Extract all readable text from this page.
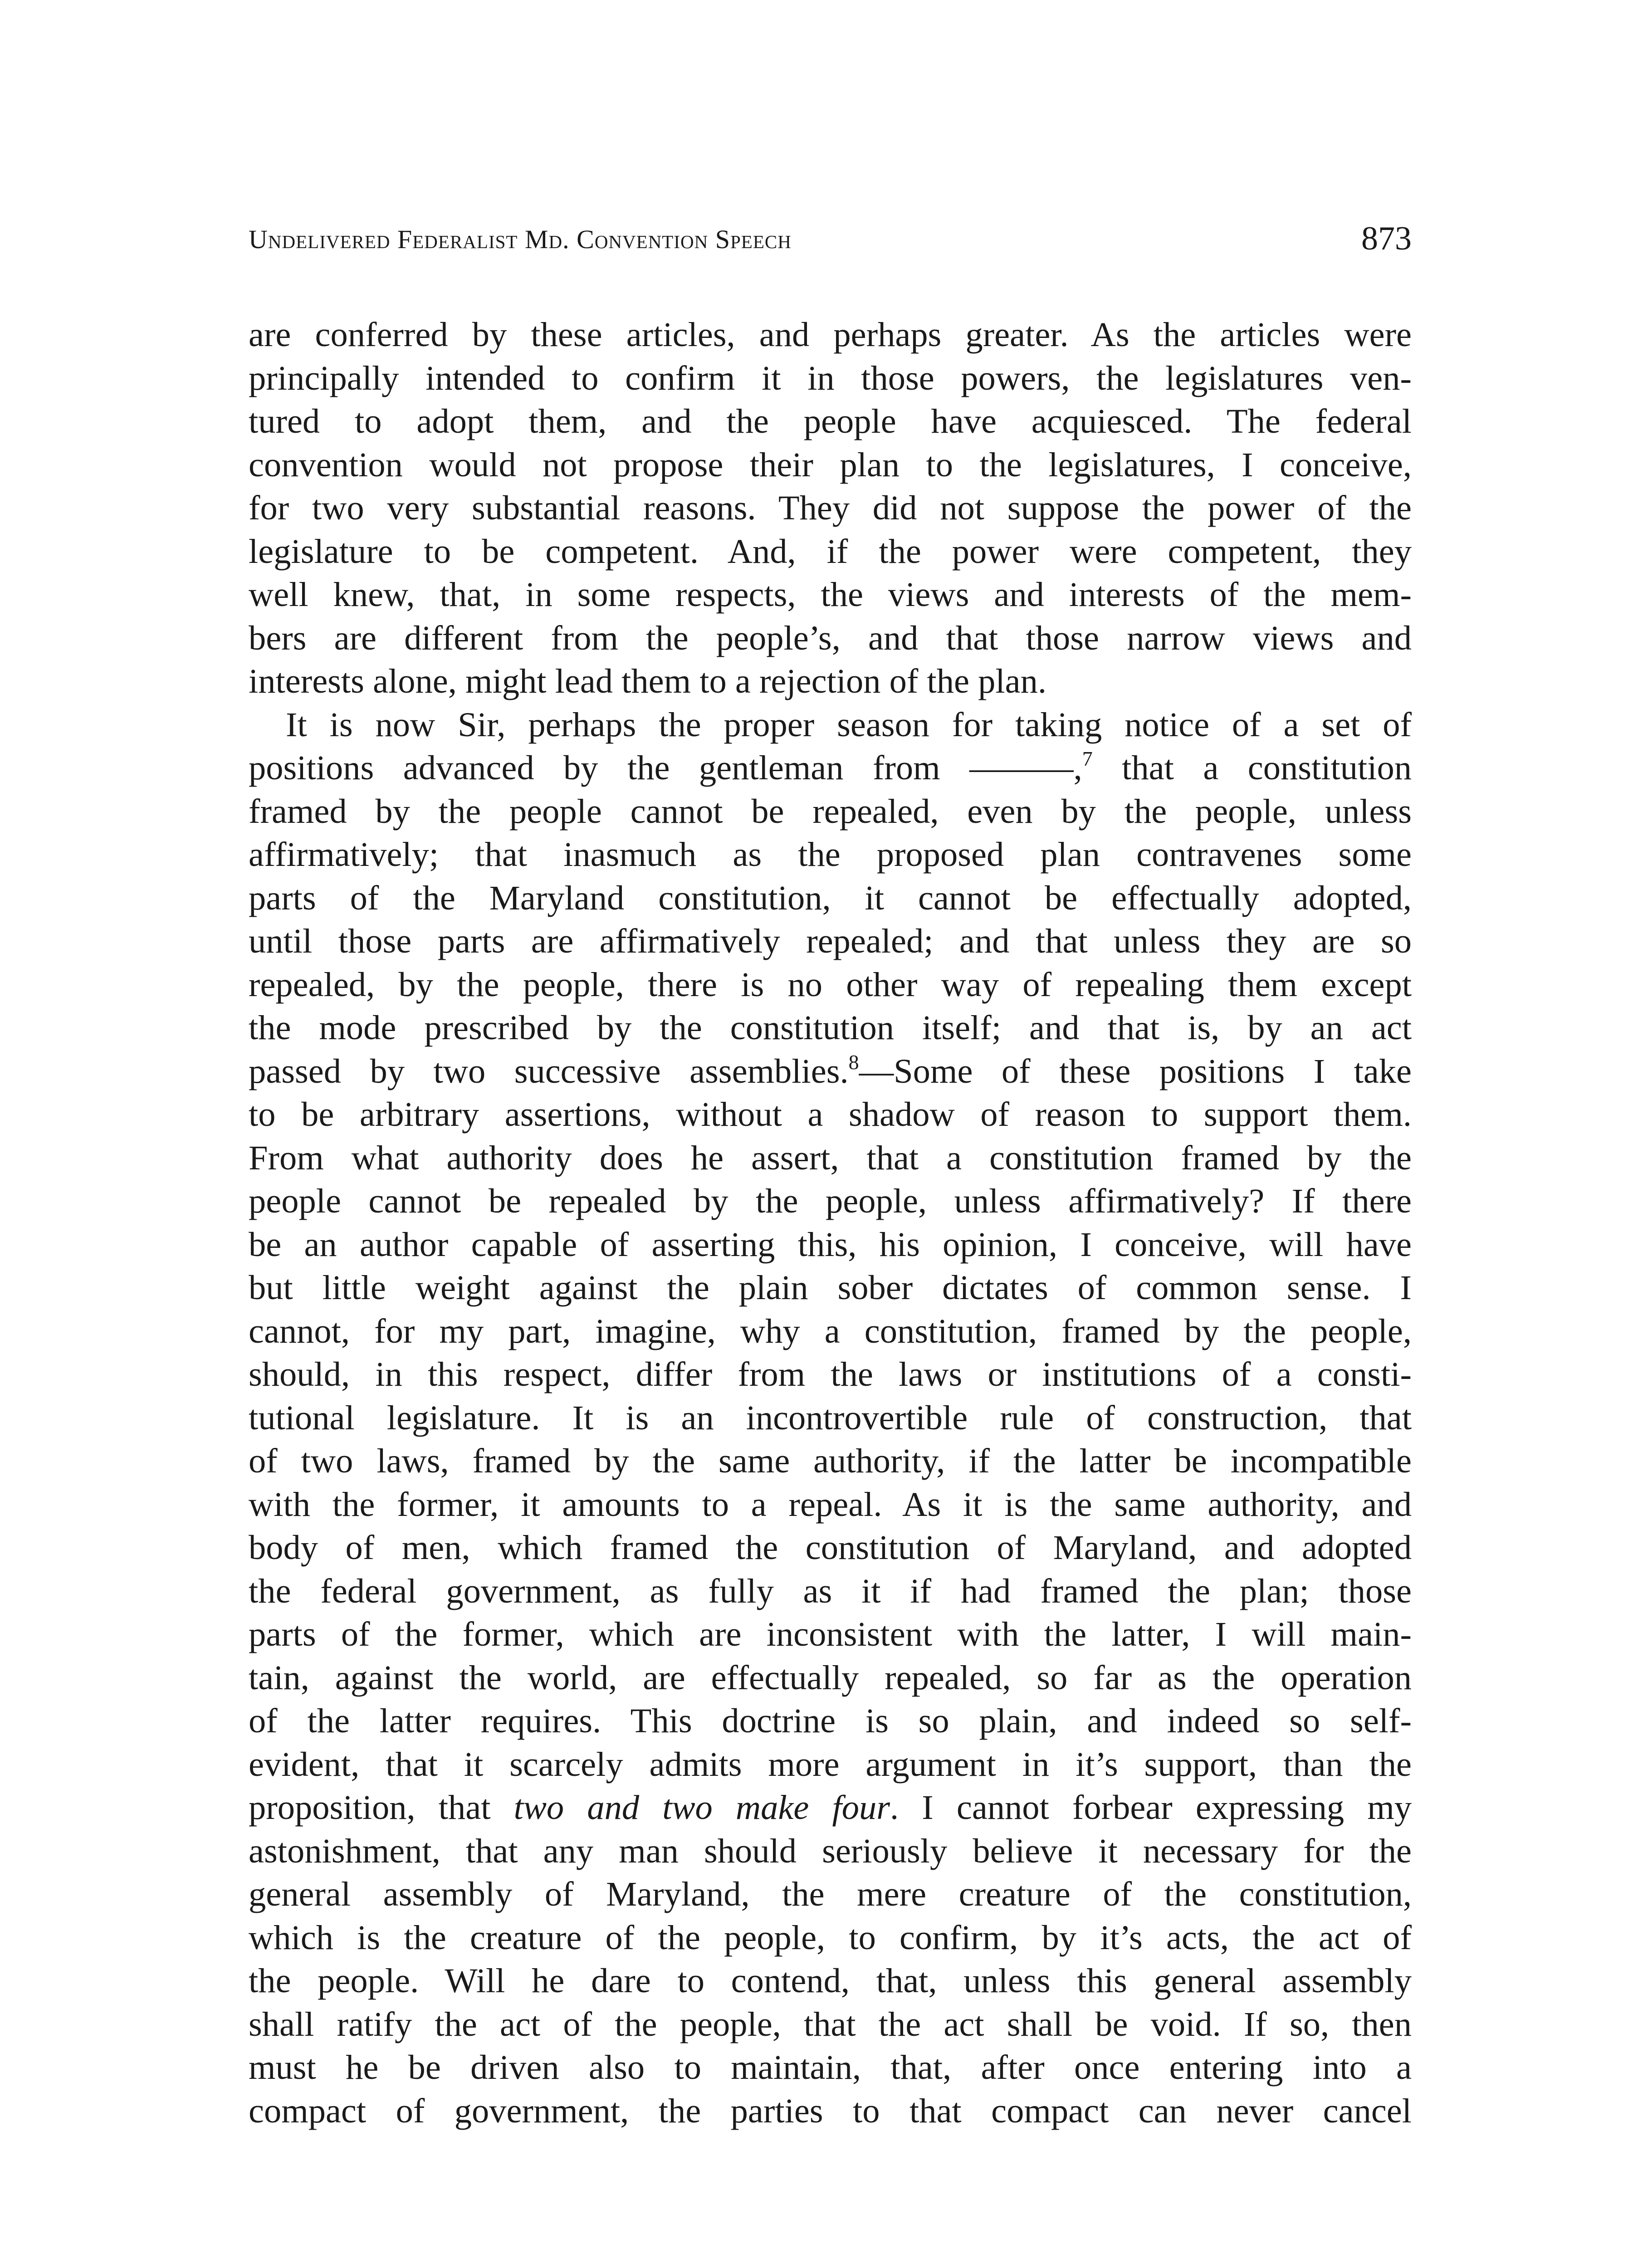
Undelivered Federalist Md. Convention Speech	873
are conferred by these articles, and perhaps greater. As the articles were
principally intended to confirm it in those powers, the legislatures ven-
tured to adopt them, and the people have acquiesced. The federal
convention would not propose their plan to the legislatures, I conceive,
for two very substantial reasons. They did not suppose the power of the
legislature to be competent. And, if the power were competent, they
well knew, that, in some respects, the views and interests of the mem-
bers are different from the people’s, and that those narrow views and
interests alone, might lead them to a rejection of the plan.
It is now Sir, perhaps the proper season for taking notice of a set of
positions advanced by the gentleman from ———,$^7$ that a constitution
framed by the people cannot be repealed, even by the people, unless
affirmatively; that inasmuch as the proposed plan contravenes some
parts of the Maryland constitution, it cannot be effectually adopted,
until those parts are affirmatively repealed; and that unless they are so
repealed, by the people, there is no other way of repealing them except
the mode prescribed by the constitution itself; and that is, by an act
passed by two successive assemblies.$^8$—Some of these positions I take
to be arbitrary assertions, without a shadow of reason to support them.
From what authority does he assert, that a constitution framed by the
people cannot be repealed by the people, unless affirmatively? If there
be an author capable of asserting this, his opinion, I conceive, will have
but little weight against the plain sober dictates of common sense. I
cannot, for my part, imagine, why a constitution, framed by the people,
should, in this respect, differ from the laws or institutions of a consti-
tutional legislature. It is an incontrovertible rule of construction, that
of two laws, framed by the same authority, if the latter be incompatible
with the former, it amounts to a repeal. As it is the same authority, and
body of men, which framed the constitution of Maryland, and adopted
the federal government, as fully as it if had framed the plan; those
parts of the former, which are inconsistent with the latter, I will main-
tain, against the world, are effectually repealed, so far as the operation
of the latter requires. This doctrine is so plain, and indeed so self-
evident, that it scarcely admits more argument in it’s support, than the
proposition, that two and two make four. I cannot forbear expressing my
astonishment, that any man should seriously believe it necessary for the
general assembly of Maryland, the mere creature of the constitution,
which is the creature of the people, to confirm, by it’s acts, the act of
the people. Will he dare to contend, that, unless this general assembly
shall ratify the act of the people, that the act shall be void. If so, then
must he be driven also to maintain, that, after once entering into a
compact of government, the parties to that compact can never cancel
